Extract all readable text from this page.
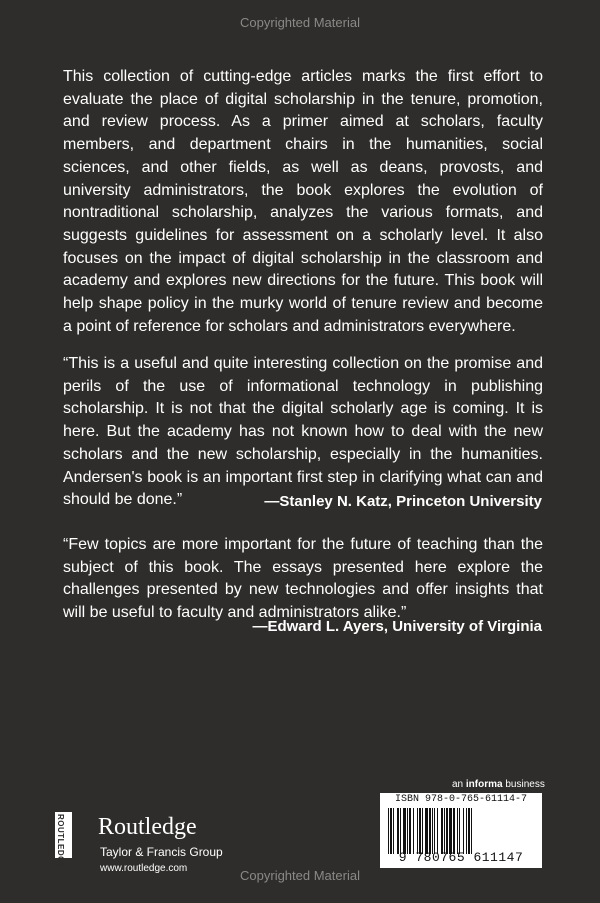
Copyrighted Material

This collection of cutting-edge articles marks the first effort to evaluate the place of digital scholarship in the tenure, promotion, and review process. As a primer aimed at scholars, faculty members, and department chairs in the humanities, social sciences, and other fields, as well as deans, provosts, and university administrators, the book explores the evolution of nontraditional scholarship, analyzes the various formats, and suggests guidelines for assessment on a scholarly level. It also focuses on the impact of digital scholarship in the classroom and academy and explores new directions for the future. This book will help shape policy in the murky world of tenure review and become a point of reference for scholars and administrators everywhere.

“This is a useful and quite interesting collection on the promise and perils of the use of informational technology in publishing scholarship. It is not that the digital scholarly age is coming. It is here. But the academy has not known how to deal with the new scholars and the new scholarship, especially in the humanities. Andersen's book is an important first step in clarifying what can and should be done.”	—Stanley N. Katz, Princeton University

“Few topics are more important for the future of teaching than the subject of this book. The essays presented here explore the challenges presented by new technologies and offer insights that will be useful to faculty and administrators alike.”

—Edward L. Ayers, University of Virginia
ROUTLEDGE Routledge
Taylor & Francis Group
www.routledge.com
an informa business
ISBN 978-0-765-61114-7
9 780765 611147
Copyrighted Material
